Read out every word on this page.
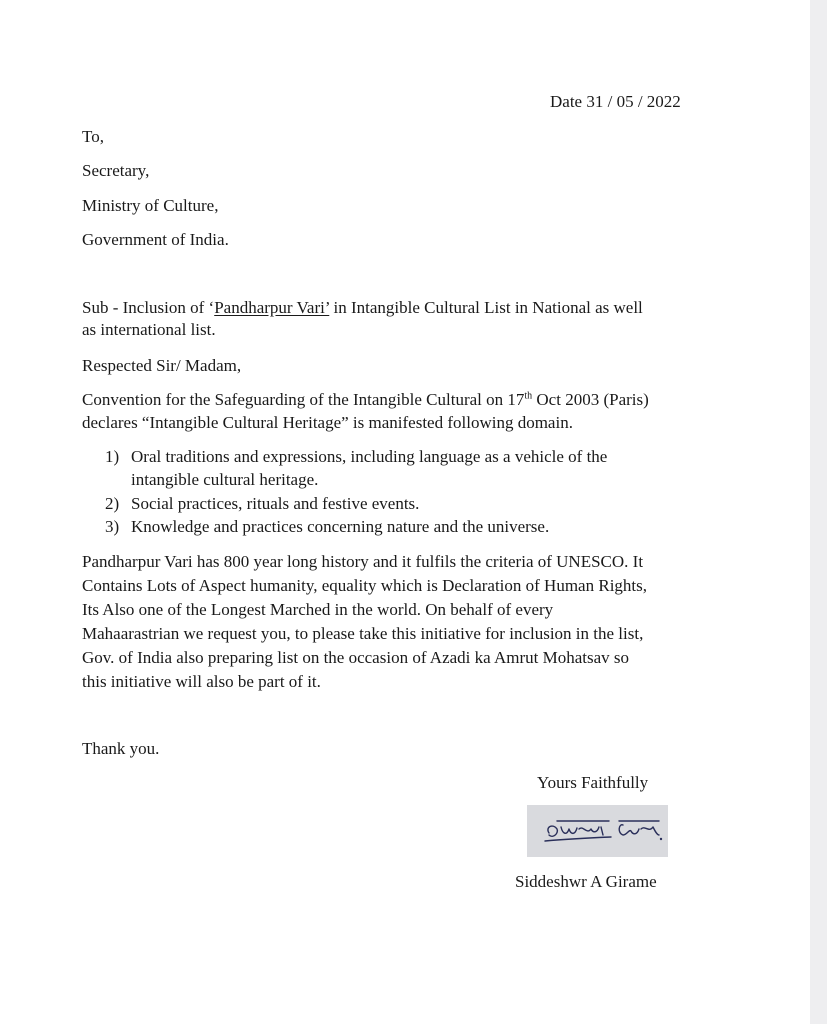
Date 31 / 05 / 2022
To,
Secretary,
Ministry of Culture,
Government of India.
Sub - Inclusion of ‘Pandharpur Vari’ in Intangible Cultural List in National as well
as international list.
Respected Sir/ Madam,
Convention for the Safeguarding of the Intangible Cultural on 17th Oct 2003 (Paris)
declares “Intangible Cultural Heritage” is manifested following domain.
1) Oral traditions and expressions, including language as a vehicle of the
intangible cultural heritage.
2) Social practices, rituals and festive events.
3) Knowledge and practices concerning nature and the universe.
Pandharpur Vari has 800 year long history and it fulfils the criteria of UNESCO. It
Contains Lots of Aspect humanity, equality which is Declaration of Human Rights,
Its Also one of the Longest Marched in the world. On behalf of every
Mahaarastrian we request you, to please take this initiative for inclusion in the list,
Gov. of India also preparing list on the occasion of Azadi ka Amrut Mohatsav so
this initiative will also be part of it.
Thank you.
Yours Faithfully
Siddeshwr A Girame
